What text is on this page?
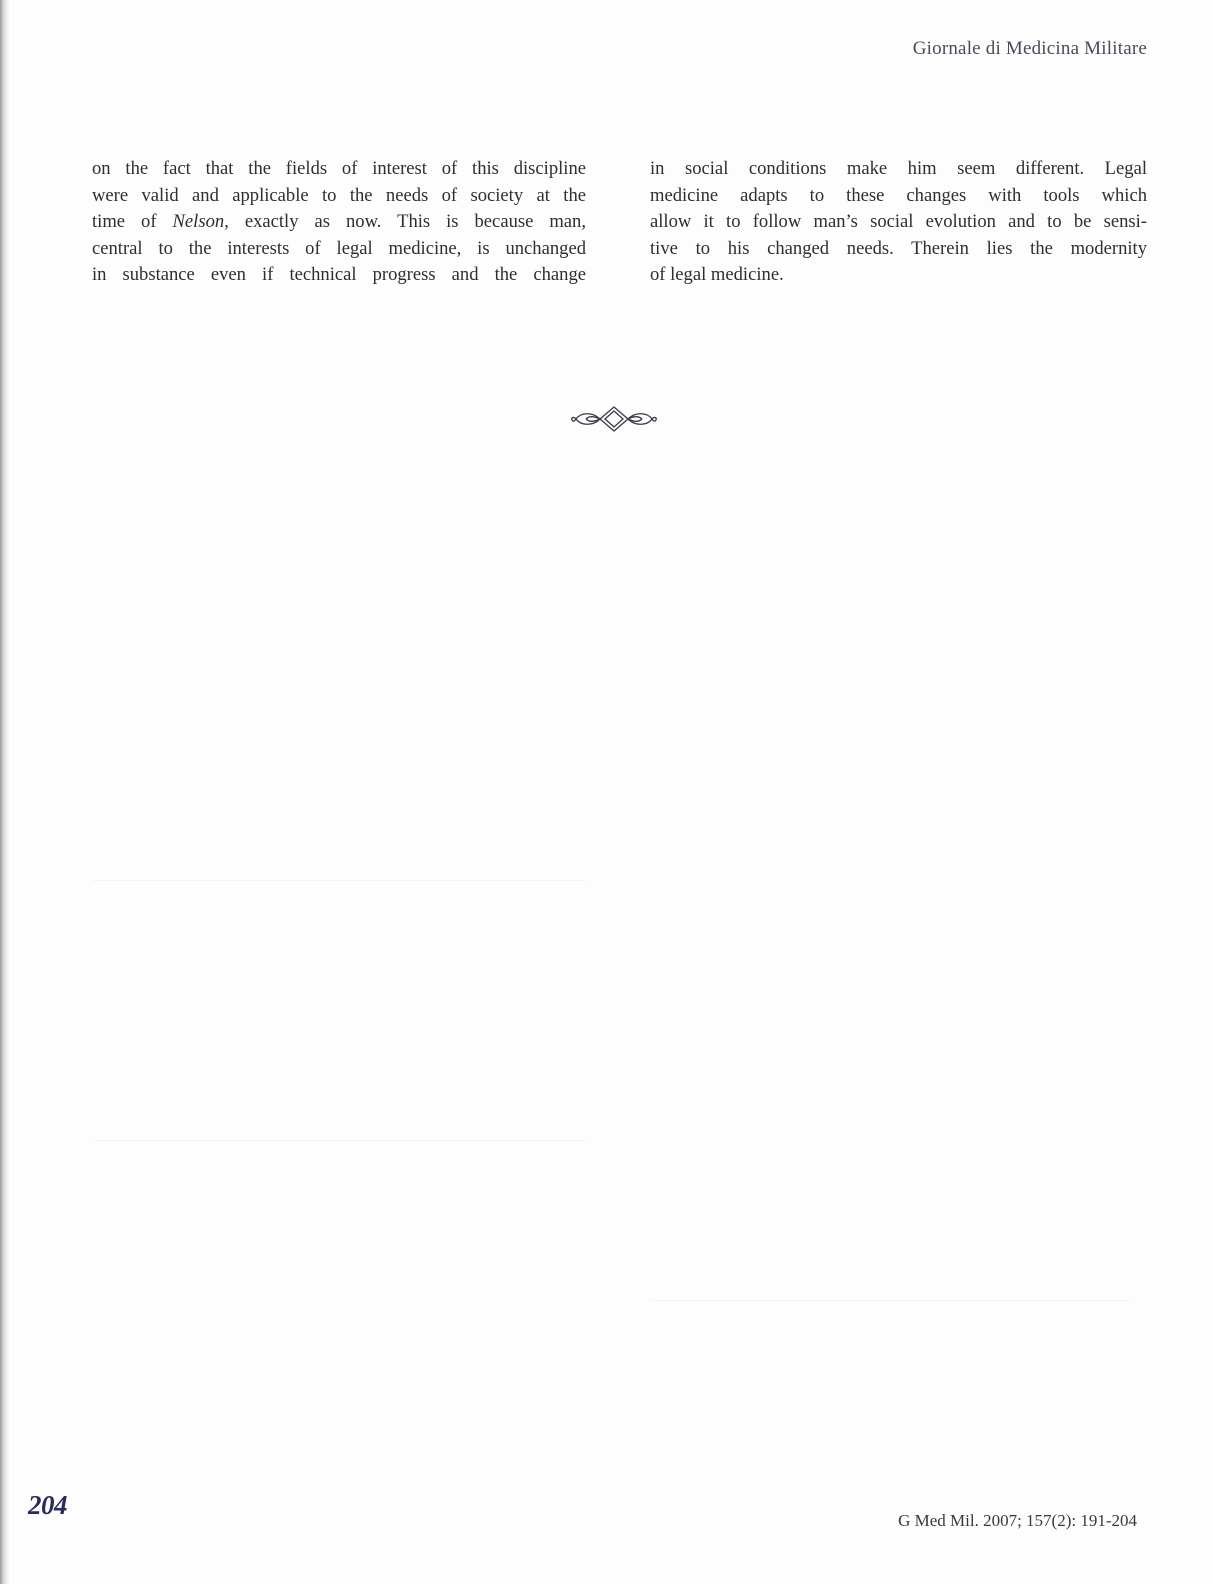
Giornale di Medicina Militare

on the fact that the fields of interest of this discipline
were valid and applicable to the needs of society at the
time of Nelson, exactly as now. This is because man,
central to the interests of legal medicine, is unchanged
in substance even if technical progress and the change

in social conditions make him seem different. Legal
medicine adapts to these changes with tools which
allow it to follow man’s social evolution and to be sensi-
tive to his changed needs. Therein lies the modernity
of legal medicine.

204
G Med Mil. 2007; 157(2): 191-204
